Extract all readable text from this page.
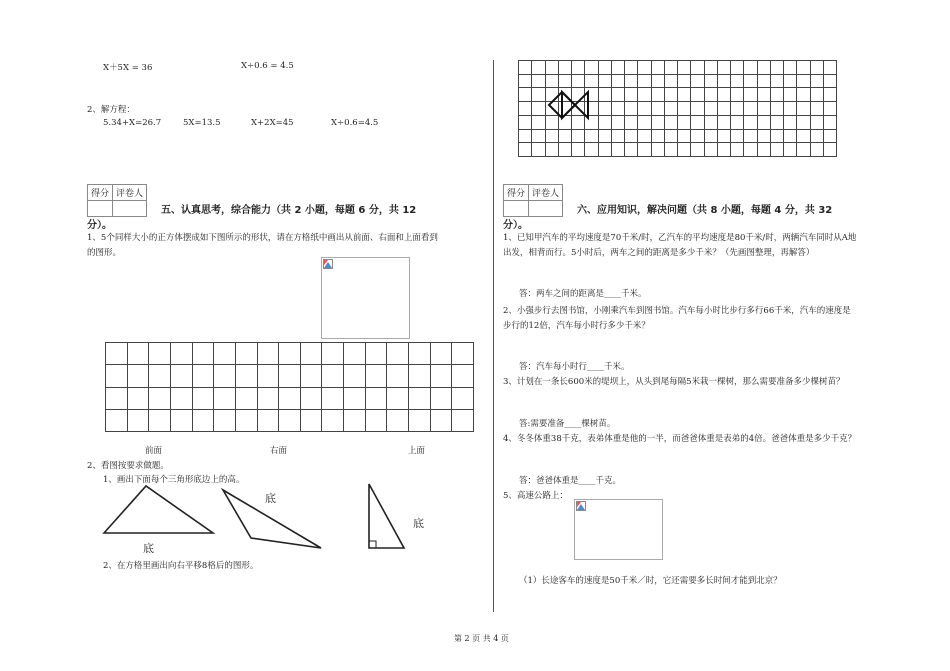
X＋5X = 36	X÷0.6 = 4.5
2、解方程：
5.34+X=26.7	5X=13.5	X+2X=45	X÷0.6=4.5
得分	评卷人

五、认真思考，综合能力（共 2 小题，每题 6 分，共 12
分）。
1、5个同样大小的正方体摆成如下图所示的形状，请在方格纸中画出从前面、右面和上面看到
的图形。
前面	右面	上面
2、看图按要求做题。
1、画出下面每个三角形底边上的高。
底
底
底
2、在方格里画出向右平移8格后的图形。
得分	评卷人

六、应用知识，解决问题（共 8 小题，每题 4 分，共 32
分）。
1、已知甲汽车的平均速度是70千米/时，乙汽车的平均速度是80千米/时，两辆汽车同时从A地
出发，相背而行。5小时后，两车之间的距离是多少千米？（先画图整理，再解答）
答：两车之间的距离是____千米。
2、小强步行去图书馆，小刚乘汽车到图书馆。汽车每小时比步行多行66千米，汽车的速度是
步行的12倍，汽车每小时行多少千米？
答：汽车每小时行____千米。
3、计划在一条长600米的堤坝上，从头到尾每隔5米栽一棵树，那么需要准备多少棵树苗？
答:需要准备____棵树苗。
4、冬冬体重38千克，表弟体重是他的一半，而爸爸体重是表弟的4倍。爸爸体重是多少千克？
答：爸爸体重是____千克。
5、高速公路上：
（1）长途客车的速度是50千米／时，它还需要多长时间才能到北京？
第 2 页 共 4 页
